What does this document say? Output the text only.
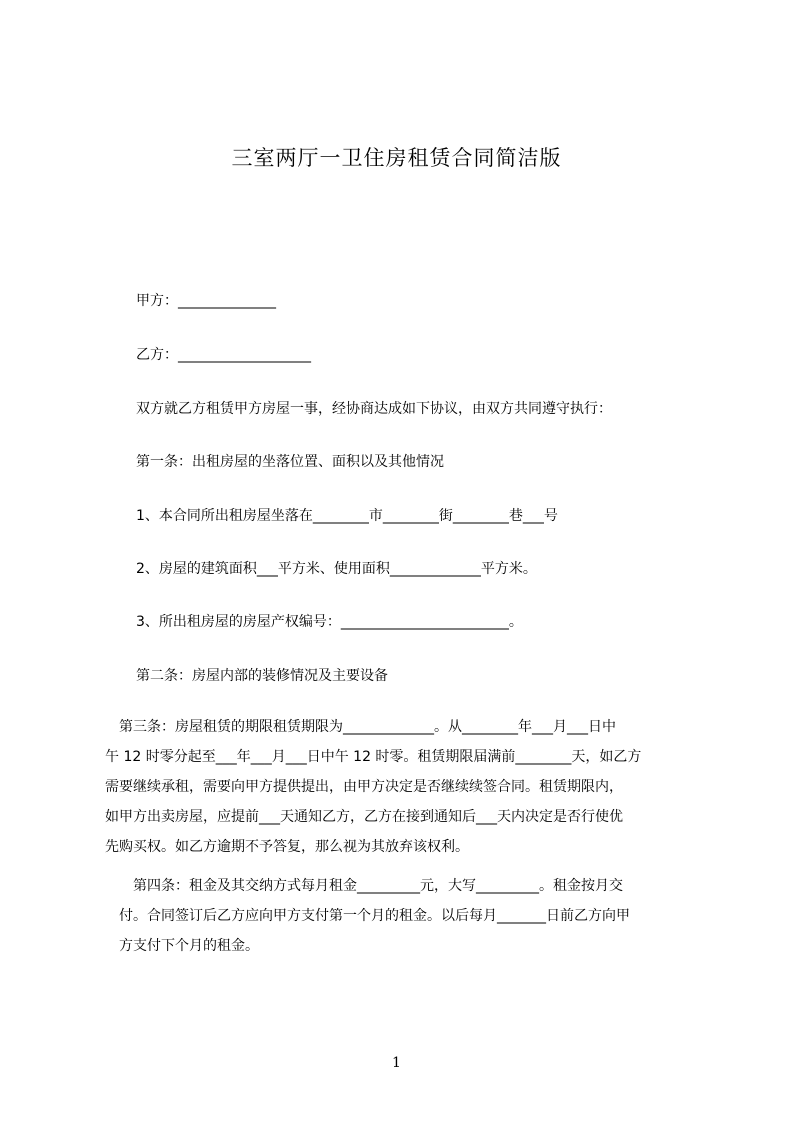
三室两厅一卫住房租赁合同简洁版
甲方：______________
乙方：___________________
双方就乙方租赁甲方房屋一事，经协商达成如下协议，由双方共同遵守执行：
第一条：出租房屋的坐落位置、面积以及其他情况
1、本合同所出租房屋坐落在________市________街________巷___号
2、房屋的建筑面积___平方米、使用面积_____________平方米。
3、所出租房屋的房屋产权编号：________________________。
第二条：房屋内部的装修情况及主要设备
　第三条：房屋租赁的期限租赁期限为_____________。从________年___月___日中
午 12 时零分起至___年___月___日中午 12 时零。租赁期限届满前________天，如乙方
需要继续承租，需要向甲方提供提出，由甲方决定是否继续续签合同。租赁期限内，
如甲方出卖房屋，应提前___天通知乙方，乙方在接到通知后___天内决定是否行使优
先购买权。如乙方逾期不予答复，那么视为其放弃该权利。
　　第四条：租金及其交纳方式每月租金_________元，大写_________。租金按月交
　付。合同签订后乙方应向甲方支付第一个月的租金。以后每月_______日前乙方向甲
　方支付下个月的租金。
1
